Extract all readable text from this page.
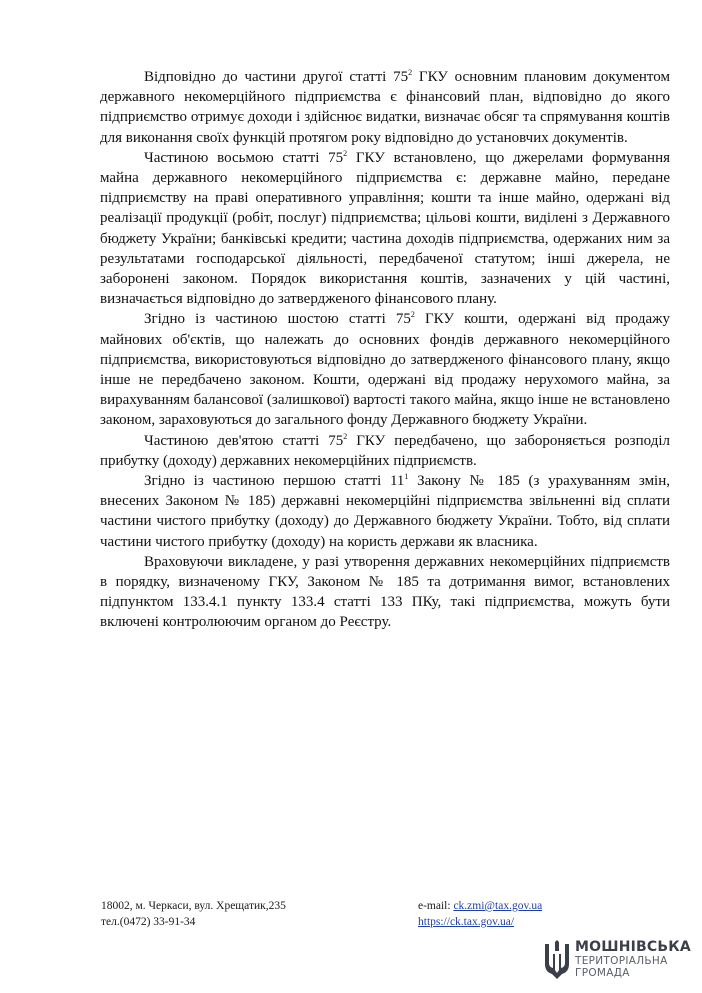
Відповідно до частини другої статті $75^2$ ГКУ основним плановим документом державного некомерційного підприємства є фінансовий план, відповідно до якого підприємство отримує доходи і здійснює видатки, визначає обсяг та спрямування коштів для виконання своїх функцій протягом року відповідно до установчих документів.

Частиною восьмою статті $75^2$ ГКУ встановлено, що джерелами формування майна державного некомерційного підприємства є: державне майно, передане підприємству на праві оперативного управління; кошти та інше майно, одержані від реалізації продукції (робіт, послуг) підприємства; цільові кошти, виділені з Державного бюджету України; банківські кредити; частина доходів підприємства, одержаних ним за результатами господарської діяльності, передбаченої статутом; інші джерела, не заборонені законом. Порядок використання коштів, зазначених у цій частині, визначається відповідно до затвердженого фінансового плану.

Згідно із частиною шостою статті $75^2$ ГКУ кошти, одержані від продажу майнових об'єктів, що належать до основних фондів державного некомерційного підприємства, використовуються відповідно до затвердженого фінансового плану, якщо інше не передбачено законом. Кошти, одержані від продажу нерухомого майна, за вирахуванням балансової (залишкової) вартості такого майна, якщо інше не встановлено законом, зараховуються до загального фонду Державного бюджету України.

Частиною дев'ятою статті $75^2$ ГКУ передбачено, що забороняється розподіл прибутку (доходу) державних некомерційних підприємств.

Згідно із частиною першою статті $11^1$ Закону № 185 (з урахуванням змін, внесених Законом № 185) державні некомерційні підприємства звільненні від сплати частини чистого прибутку (доходу) до Державного бюджету України. Тобто, від сплати частини чистого прибутку (доходу) на користь держави як власника.

Враховуючи викладене, у разі утворення державних некомерційних підприємств в порядку, визначеному ГКУ, Законом № 185 та дотримання вимог, встановлених підпунктом 133.4.1 пункту 133.4 статті 133 ПКу, такі підприємства, можуть бути включені контролюючим органом до Реєстру.

18002, м. Черкаси, вул. Хрещатик,235
тел.(0472) 33-91-34
e-mail: ck.zmi@tax.gov.ua
https://ck.tax.gov.ua/
МОШНІВСЬКА
ТЕРИТОРІАЛЬНА
ГРОМАДА
